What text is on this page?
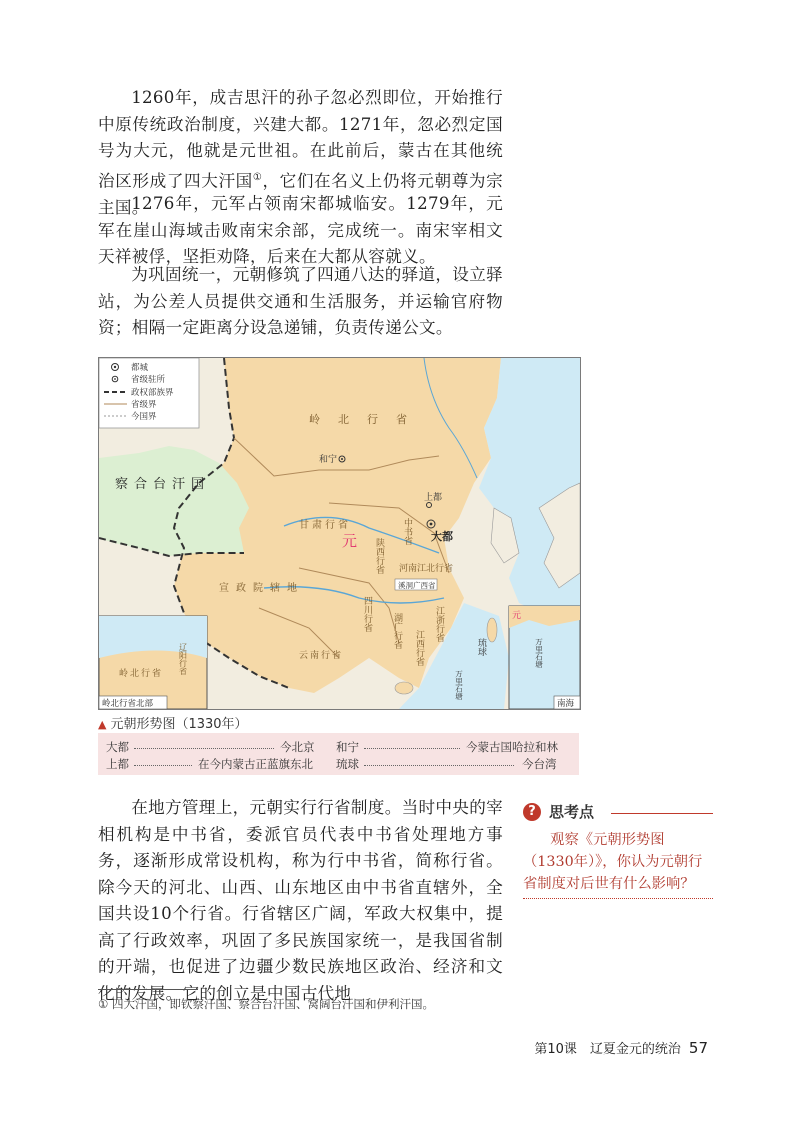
1260年，成吉思汗的孙子忽必烈即位，开始推行中原传统政治制度，兴建大都。1271年，忽必烈定国号为大元，他就是元世祖。在此前后，蒙古在其他统治区形成了四大汗国①，它们在名义上仍将元朝尊为宗主国。

1276年，元军占领南宋都城临安。1279年，元军在崖山海域击败南宋余部，完成统一。南宋宰相文天祥被俘，坚拒劝降，后来在大都从容就义。

为巩固统一，元朝修筑了四通八达的驿道，设立驿站，为公差人员提供交通和生活服务，并运输官府物资；相隔一定距离分设急递铺，负责传递公文。

都城
省级驻所
政权部族界
省级界
今国界	岭北行省
和宁
察合台汗国
上都
大都
中书省
元
甘肃行省
陕西行省 河南江北行省
宣政院辖地
四川行省
溪洞广西省
江浙行省
湖广行省 江西行省
云南行省	琉球
万里石塘
岭北行省 辽阳行省
岭北行省北部
元
万里石塘
南海
▲ 元朝形势图（1330年）
大都	今北京 和宁	今蒙古国哈拉和林
上都	在今内蒙古正蓝旗东北 琉球	今台湾

在地方管理上，元朝实行行省制度。当时中央的宰相机构是中书省，委派官员代表中书省处理地方事务，逐渐形成常设机构，称为行中书省，简称行省。除今天的河北、山西、山东地区由中书省直辖外，全国共设10个行省。行省辖区广阔，军政大权集中，提高了行政效率，巩固了多民族国家统一，是我国省制的开端，也促进了边疆少数民族地区政治、经济和文化的发展。它的创立是中国古代地

? 思考点

观察《元朝形势图（1330年）》，你认为元朝行省制度对后世有什么影响？

① 四大汗国，即钦察汗国、察合台汗国、窝阔台汗国和伊利汗国。
第10课　辽夏金元的统治 57
